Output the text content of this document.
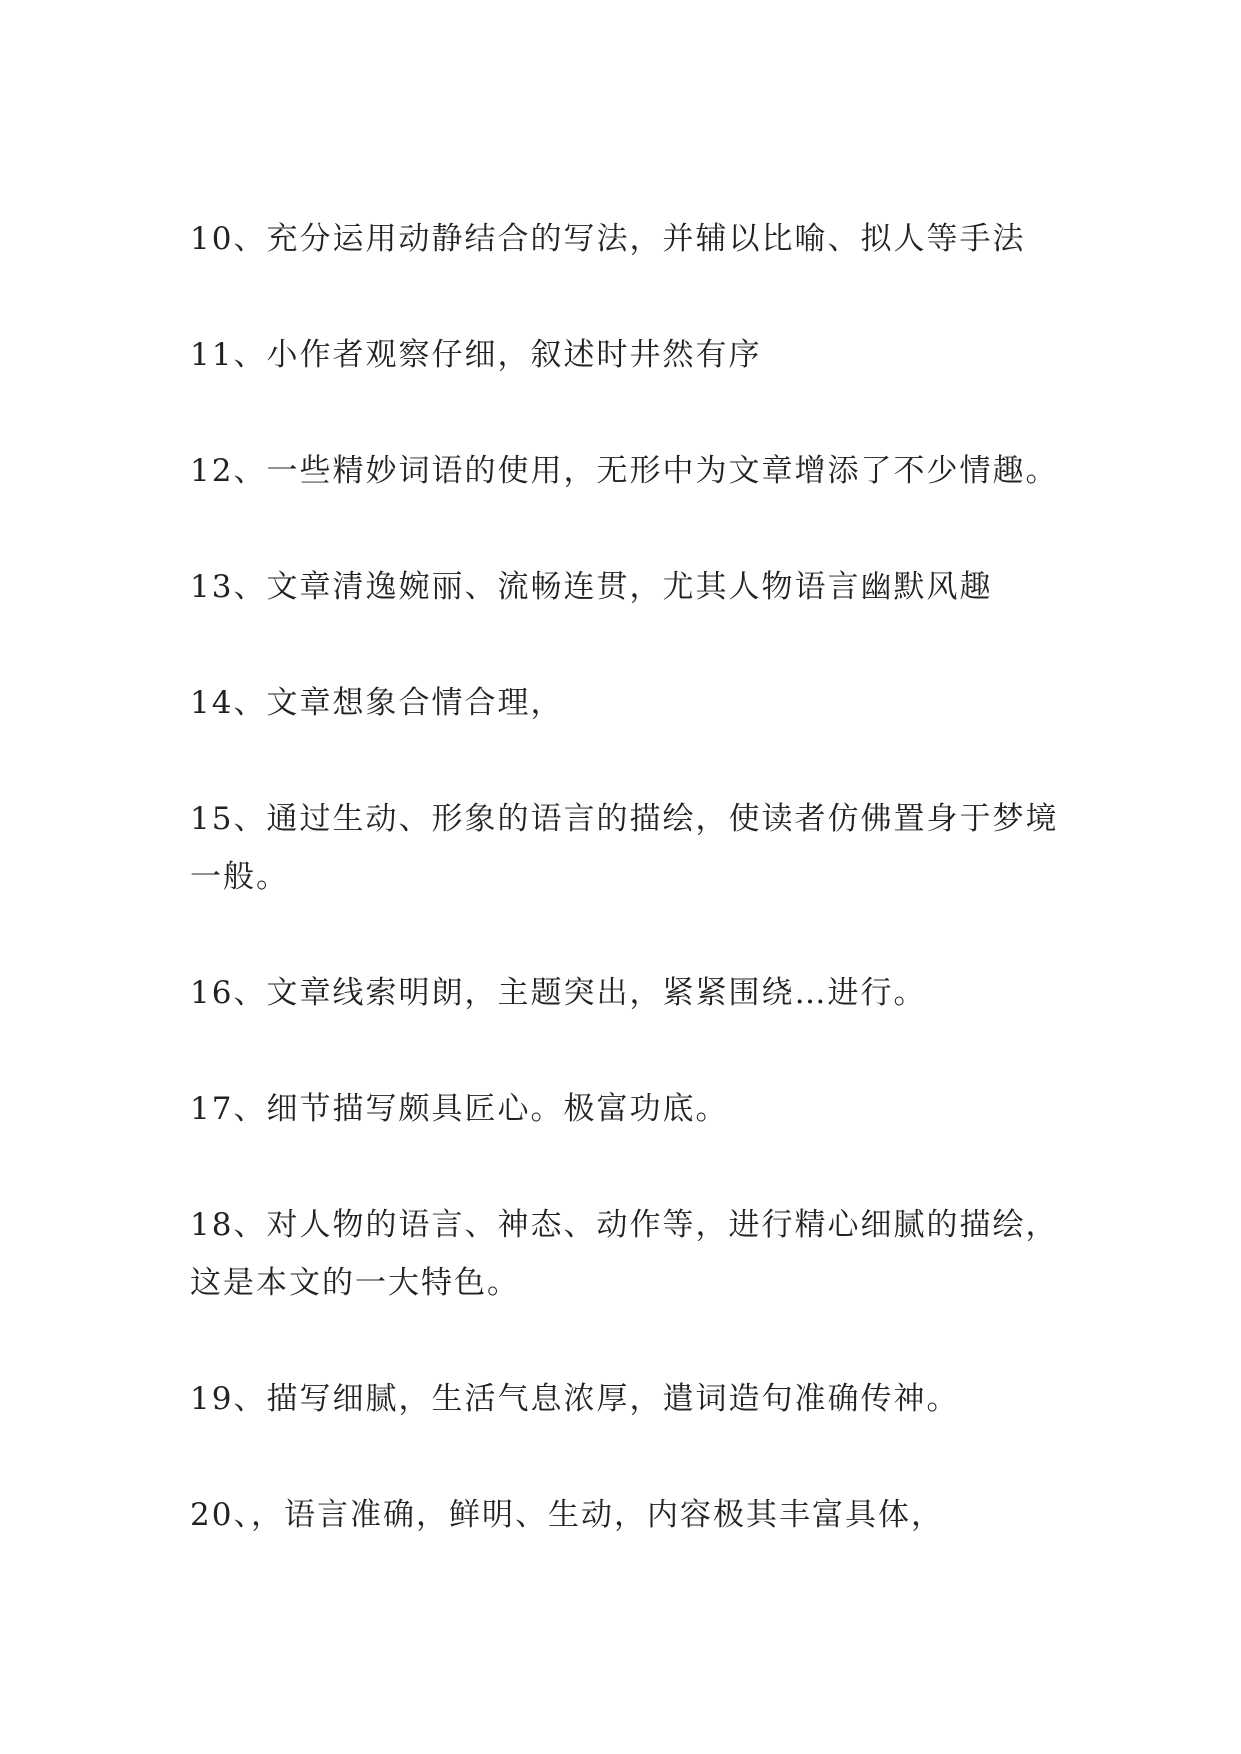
10、充分运用动静结合的写法，并辅以比喻、拟人等手法

11、小作者观察仔细，叙述时井然有序

12、一些精妙词语的使用，无形中为文章增添了不少情趣。

13、文章清逸婉丽、流畅连贯，尤其人物语言幽默风趣

14、文章想象合情合理，

15、通过生动、形象的语言的描绘，使读者仿佛置身于梦境一般。

16、文章线索明朗，主题突出，紧紧围绕…进行。

17、细节描写颇具匠心。极富功底。

18、对人物的语言、神态、动作等，进行精心细腻的描绘，这是本文的一大特色。

19、描写细腻，生活气息浓厚，遣词造句准确传神。

20、，语言准确，鲜明、生动，内容极其丰富具体，
